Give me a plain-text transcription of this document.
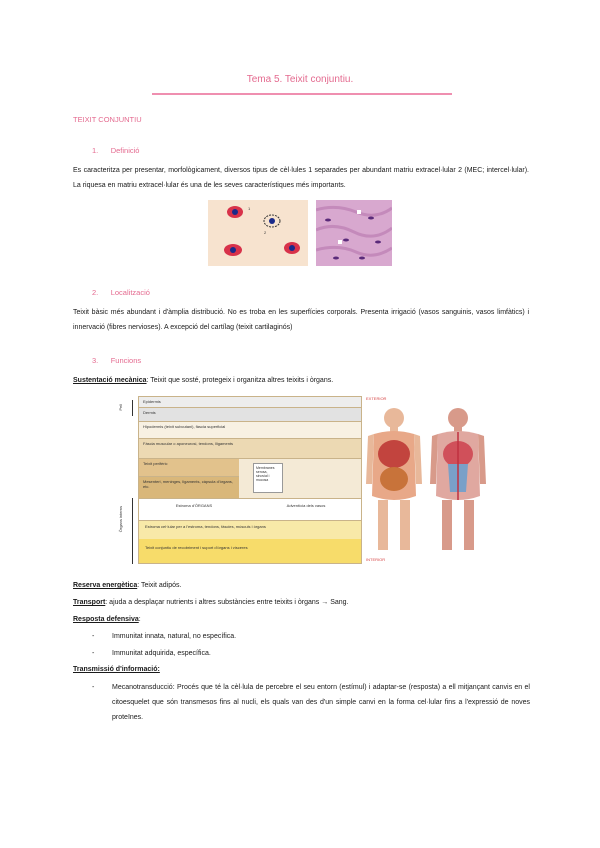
Tema 5. Teixit conjuntiu.
TEIXIT CONJUNTIU
1. Definició
Es caracteritza per presentar, morfològicament, diversos tipus de cèl·lules 1 separades per abundant matriu extracel·lular 2 (MEC; intercel·lular). La riquesa en matriu extracel·lular és una de les seves característiques més importants.
1
2
2. Localització
Teixit bàsic més abundant i d'àmplia distribució. No es troba en les superfícies corporals. Presenta irrigació (vasos sanguinis, vasos limfàtics) i innervació (fibres nervioses). A excepció del cartílag (teixit cartilaginós)
3. Funcions
Sustentació mecànica: Teixit que sosté, protegeix i organitza altres teixits i òrgans.
Pell
Òrgans interns
Epidermis
Dermis
Hipodermis (teixit subcutani), fàscia superficial
Fàscia muscular o aponeurosi, tendons, lligaments
Teixit perifèric
Mesenteri, meninges, ligaments, càpsula d'òrgans, etc.
Membranes serosa, sinovial i mucosa
Estroma d'ÒRGANS	Adventícia dels vasos
Estroma cel·lular per a l'estroma, tendons, fàscies, músculs i òrgans
Teixit conjuntiu de recobriment i suport d'òrgans i vísceres
EXTERIOR
INTERIOR
Reserva energètica: Teixit adipós.
Transport: ajuda a desplaçar nutrients i altres substàncies entre teixits i òrgans → Sang.
Resposta defensiva:
-	Immunitat innata, natural, no específica.
-	Immunitat adquirida, específica.
Transmissió d'informació:
-	Mecanotransducció: Procés que té la cèl·lula de percebre el seu entorn (estímul) i adaptar-se (resposta) a ell mitjançant canvis en el citoesquelet que són transmesos fins al nucli, els quals van des d'un simple canvi en la forma cel·lular fins a l'expressió de noves proteïnes.
